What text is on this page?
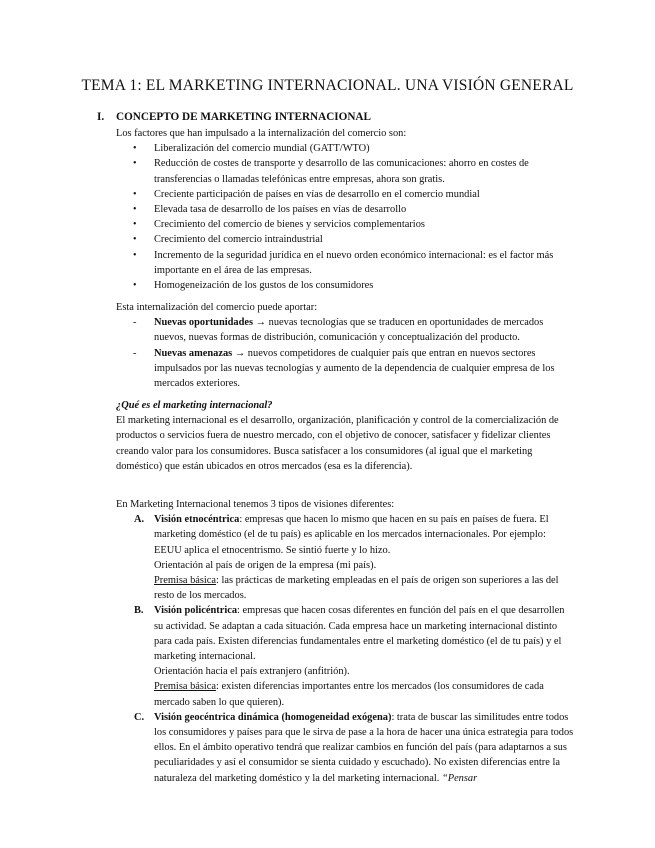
TEMA 1: EL MARKETING INTERNACIONAL. UNA VISIÓN GENERAL
I. CONCEPTO DE MARKETING INTERNACIONAL

Los factores que han impulsado a la internalización del comercio son:

• Liberalización del comercio mundial (GATT/WTO)
• Reducción de costes de transporte y desarrollo de las comunicaciones: ahorro en costes de transferencias o llamadas telefónicas entre empresas, ahora son gratis.
• Creciente participación de países en vías de desarrollo en el comercio mundial
• Elevada tasa de desarrollo de los países en vías de desarrollo
• Crecimiento del comercio de bienes y servicios complementarios
• Crecimiento del comercio intraindustrial
• Incremento de la seguridad jurídica en el nuevo orden económico internacional: es el factor más importante en el área de las empresas.
• Homogeneización de los gustos de los consumidores

Esta internalización del comercio puede aportar:

- Nuevas oportunidades → nuevas tecnologías que se traducen en oportunidades de mercados nuevos, nuevas formas de distribución, comunicación y conceptualización del producto.
- Nuevas amenazas → nuevos competidores de cualquier país que entran en nuevos sectores impulsados por las nuevas tecnologías y aumento de la dependencia de cualquier empresa de los mercados exteriores.

¿Qué es el marketing internacional?

El marketing internacional es el desarrollo, organización, planificación y control de la comercialización de productos o servicios fuera de nuestro mercado, con el objetivo de conocer, satisfacer y fidelizar clientes creando valor para los consumidores. Busca satisfacer a los consumidores (al igual que el marketing doméstico) que están ubicados en otros mercados (esa es la diferencia).

En Marketing Internacional tenemos 3 tipos de visiones diferentes:

A. Visión etnocéntrica: empresas que hacen lo mismo que hacen en su país en países de fuera. El marketing doméstico (el de tu país) es aplicable en los mercados internacionales. Por ejemplo: EEUU aplica el etnocentrismo. Se sintió fuerte y lo hizo.

Orientación al país de origen de la empresa (mi país).

Premisa básica: las prácticas de marketing empleadas en el país de origen son superiores a las del resto de los mercados.

B. Visión policéntrica: empresas que hacen cosas diferentes en función del país en el que desarrollen su actividad. Se adaptan a cada situación. Cada empresa hace un marketing internacional distinto para cada país. Existen diferencias fundamentales entre el marketing doméstico (el de tu país) y el marketing internacional.

Orientación hacia el país extranjero (anfitrión).

Premisa básica: existen diferencias importantes entre los mercados (los consumidores de cada mercado saben lo que quieren).

C. Visión geocéntrica dinámica (homogeneidad exógena): trata de buscar las similitudes entre todos los consumidores y países para que le sirva de pase a la hora de hacer una única estrategia para todos ellos. En el ámbito operativo tendrá que realizar cambios en función del país (para adaptarnos a sus peculiaridades y así el consumidor se sienta cuidado y escuchado). No existen diferencias entre la naturaleza del marketing doméstico y la del marketing internacional. “Pensar
